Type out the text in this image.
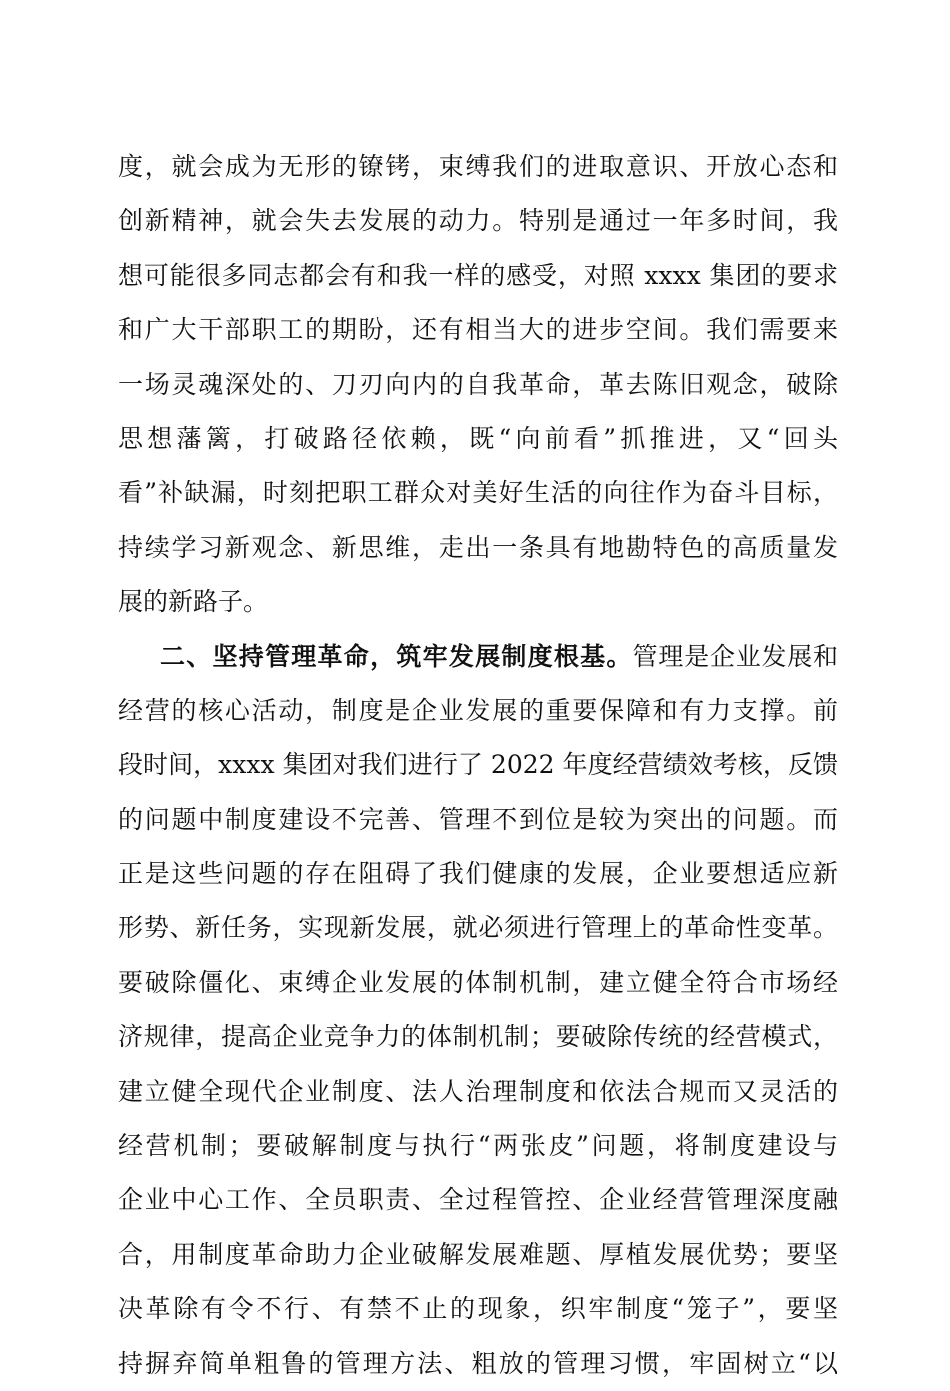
度，就会成为无形的镣铐，束缚我们的进取意识、开放心态和
创新精神，就会失去发展的动力。特别是通过一年多时间，我
想可能很多同志都会有和我一样的感受，对照 xxxx 集团的要求
和广大干部职工的期盼，还有相当大的进步空间。我们需要来
一场灵魂深处的、刀刃向内的自我革命，革去陈旧观念，破除
思想藩篱，打破路径依赖，既“向前看”抓推进，又“回头
看”补缺漏，时刻把职工群众对美好生活的向往作为奋斗目标，
持续学习新观念、新思维，走出一条具有地勘特色的高质量发
展的新路子。
二、坚持管理革命，筑牢发展制度根基。管理是企业发展和
经营的核心活动，制度是企业发展的重要保障和有力支撑。前
段时间，xxxx 集团对我们进行了 2022 年度经营绩效考核，反馈
的问题中制度建设不完善、管理不到位是较为突出的问题。而
正是这些问题的存在阻碍了我们健康的发展，企业要想适应新
形势、新任务，实现新发展，就必须进行管理上的革命性变革。
要破除僵化、束缚企业发展的体制机制，建立健全符合市场经
济规律，提高企业竞争力的体制机制；要破除传统的经营模式，
建立健全现代企业制度、法人治理制度和依法合规而又灵活的
经营机制；要破解制度与执行“两张皮”问题，将制度建设与
企业中心工作、全员职责、全过程管控、企业经营管理深度融
合，用制度革命助力企业破解发展难题、厚植发展优势；要坚
决革除有令不行、有禁不止的现象，织牢制度“笼子”，要坚
持摒弃简单粗鲁的管理方法、粗放的管理习惯，牢固树立“以
